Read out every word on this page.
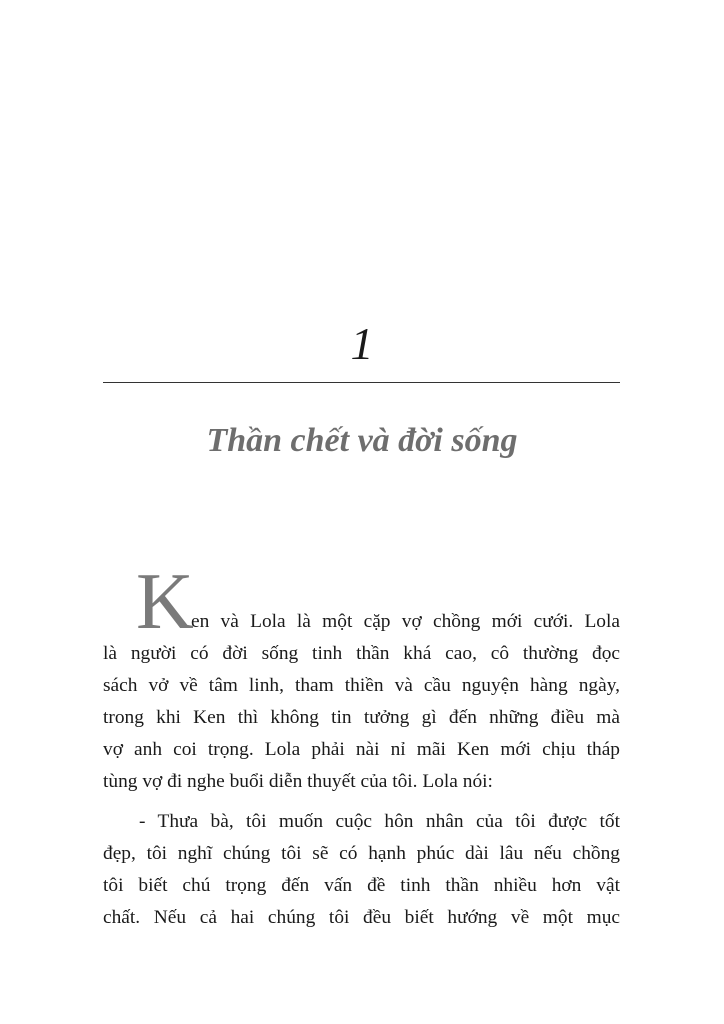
1
Thần chết và đời sống
K
en và Lola là một cặp vợ chồng mới cưới. Lola
là người có đời sống tinh thần khá cao, cô thường đọc
sách vở về tâm linh, tham thiền và cầu nguyện hàng ngày,
trong khi Ken thì không tin tưởng gì đến những điều mà
vợ anh coi trọng. Lola phải nài nỉ mãi Ken mới chịu tháp
tùng vợ đi nghe buổi diễn thuyết của tôi. Lola nói:
- Thưa bà, tôi muốn cuộc hôn nhân của tôi được tốt
đẹp, tôi nghĩ chúng tôi sẽ có hạnh phúc dài lâu nếu chồng
tôi biết chú trọng đến vấn đề tinh thần nhiều hơn vật
chất. Nếu cả hai chúng tôi đều biết hướng về một mục
